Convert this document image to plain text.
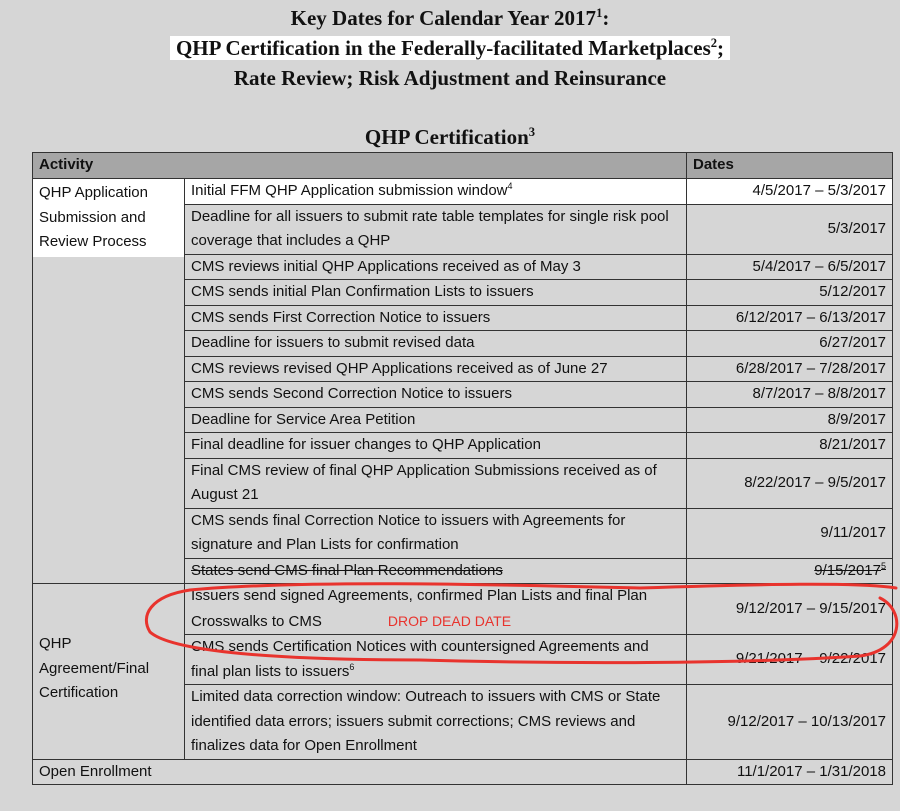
Key Dates for Calendar Year 2017$^1$:
QHP Certification in the Federally-facilitated Marketplaces$^2$;
Rate Review; Risk Adjustment and Reinsurance
QHP Certification$^3$
Activity		Dates
QHP Application Submission and Review Process	Initial FFM QHP Application submission window$^4$	4/5/2017 – 5/3/2017
	Deadline for all issuers to submit rate table templates for single risk pool coverage that includes a QHP	5/3/2017
	CMS reviews initial QHP Applications received as of May 3	5/4/2017 – 6/5/2017
	CMS sends initial Plan Confirmation Lists to issuers	5/12/2017
	CMS sends First Correction Notice to issuers	6/12/2017 – 6/13/2017
	Deadline for issuers to submit revised data	6/27/2017
	CMS reviews revised QHP Applications received as of June 27	6/28/2017 – 7/28/2017
	CMS sends Second Correction Notice to issuers	8/7/2017 – 8/8/2017
	Deadline for Service Area Petition	8/9/2017
	Final deadline for issuer changes to QHP Application	8/21/2017
	Final CMS review of final QHP Application Submissions received as of August 21	8/22/2017 – 9/5/2017
	CMS sends final Correction Notice to issuers with Agreements for signature and Plan Lists for confirmation	9/11/2017
	States send CMS final Plan Recommendations	9/15/2017$^5$
QHP Agreement/Final Certification	Issuers send signed Agreements, confirmed Plan Lists and final Plan Crosswalks to CMS DROP DEAD DATE	9/12/2017 – 9/15/2017
	CMS sends Certification Notices with countersigned Agreements and final plan lists to issuers$^6$	9/21/2017 – 9/22/2017
	Limited data correction window: Outreach to issuers with CMS or State identified data errors; issuers submit corrections; CMS reviews and finalizes data for Open Enrollment	9/12/2017 – 10/13/2017
Open Enrollment		11/1/2017 – 1/31/2018
